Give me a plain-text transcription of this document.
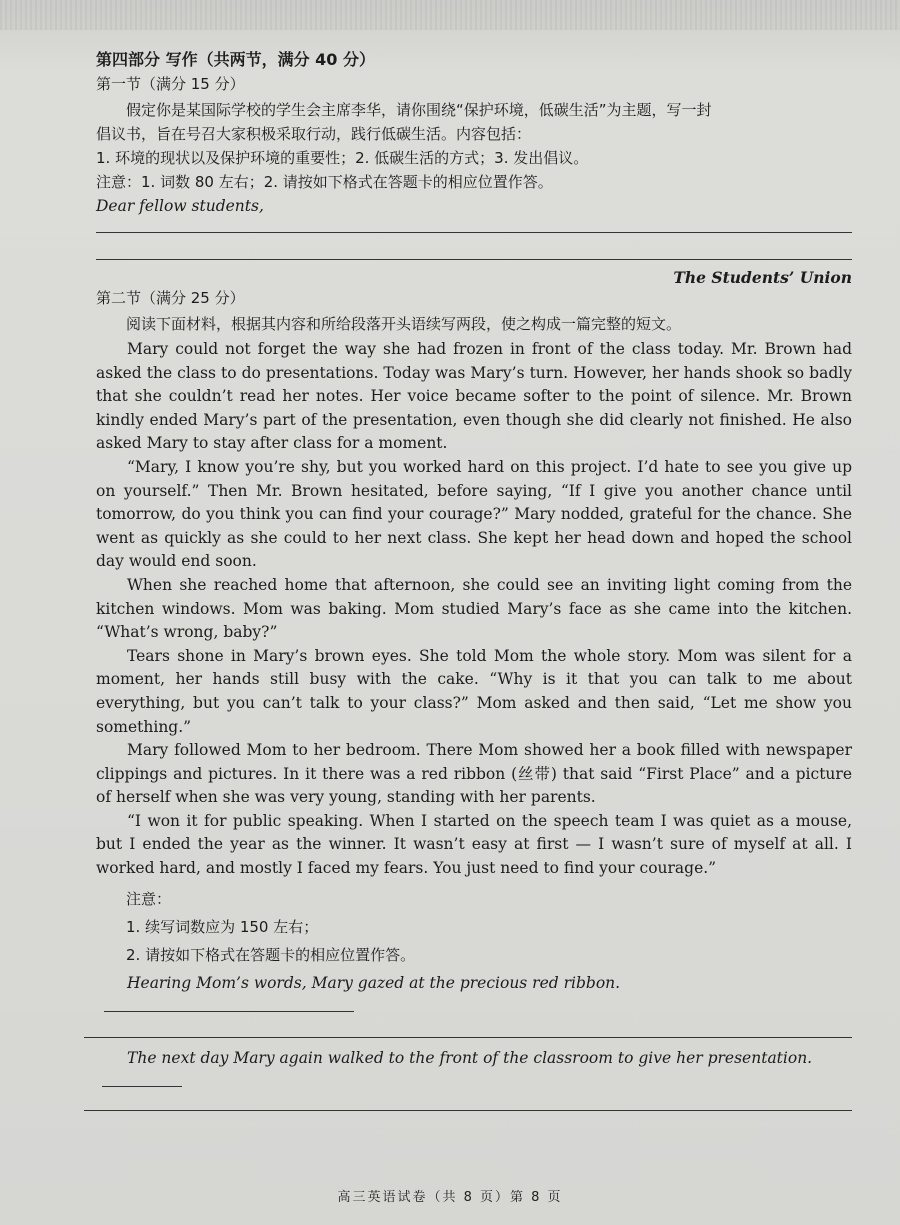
第四部分 写作（共两节，满分 40 分）

第一节（满分 15 分）

假定你是某国际学校的学生会主席李华，请你围绕“保护环境，低碳生活”为主题，写一封

倡议书，旨在号召大家积极采取行动，践行低碳生活。内容包括：

1. 环境的现状以及保护环境的重要性；2. 低碳生活的方式；3. 发出倡议。

注意：1. 词数 80 左右；2. 请按如下格式在答题卡的相应位置作答。

Dear fellow students,

The Students’ Union

第二节（满分 25 分）

阅读下面材料，根据其内容和所给段落开头语续写两段，使之构成一篇完整的短文。

Mary could not forget the way she had frozen in front of the class today. Mr. Brown had asked the class to do presentations. Today was Mary’s turn. However, her hands shook so badly that she couldn’t read her notes. Her voice became softer to the point of silence. Mr. Brown kindly ended Mary’s part of the presentation, even though she did clearly not finished. He also asked Mary to stay after class for a moment.

“Mary, I know you’re shy, but you worked hard on this project. I’d hate to see you give up on yourself.” Then Mr. Brown hesitated, before saying, “If I give you another chance until tomorrow, do you think you can find your courage?” Mary nodded, grateful for the chance. She went as quickly as she could to her next class. She kept her head down and hoped the school day would end soon.

When she reached home that afternoon, she could see an inviting light coming from the kitchen windows. Mom was baking. Mom studied Mary’s face as she came into the kitchen. “What’s wrong, baby?”

Tears shone in Mary’s brown eyes. She told Mom the whole story. Mom was silent for a moment, her hands still busy with the cake. “Why is it that you can talk to me about everything, but you can’t talk to your class?” Mom asked and then said, “Let me show you something.”

Mary followed Mom to her bedroom. There Mom showed her a book filled with newspaper clippings and pictures. In it there was a red ribbon (丝带) that said “First Place” and a picture of herself when she was very young, standing with her parents.

“I won it for public speaking. When I started on the speech team I was quiet as a mouse, but I ended the year as the winner. It wasn’t easy at first — I wasn’t sure of myself at all. I worked hard, and mostly I faced my fears. You just need to find your courage.”

注意：

1. 续写词数应为 150 左右；

2. 请按如下格式在答题卡的相应位置作答。

Hearing Mom’s words, Mary gazed at the precious red ribbon.

The next day Mary again walked to the front of the classroom to give her presentation.

高三英语试卷（共 8 页）第 8 页
